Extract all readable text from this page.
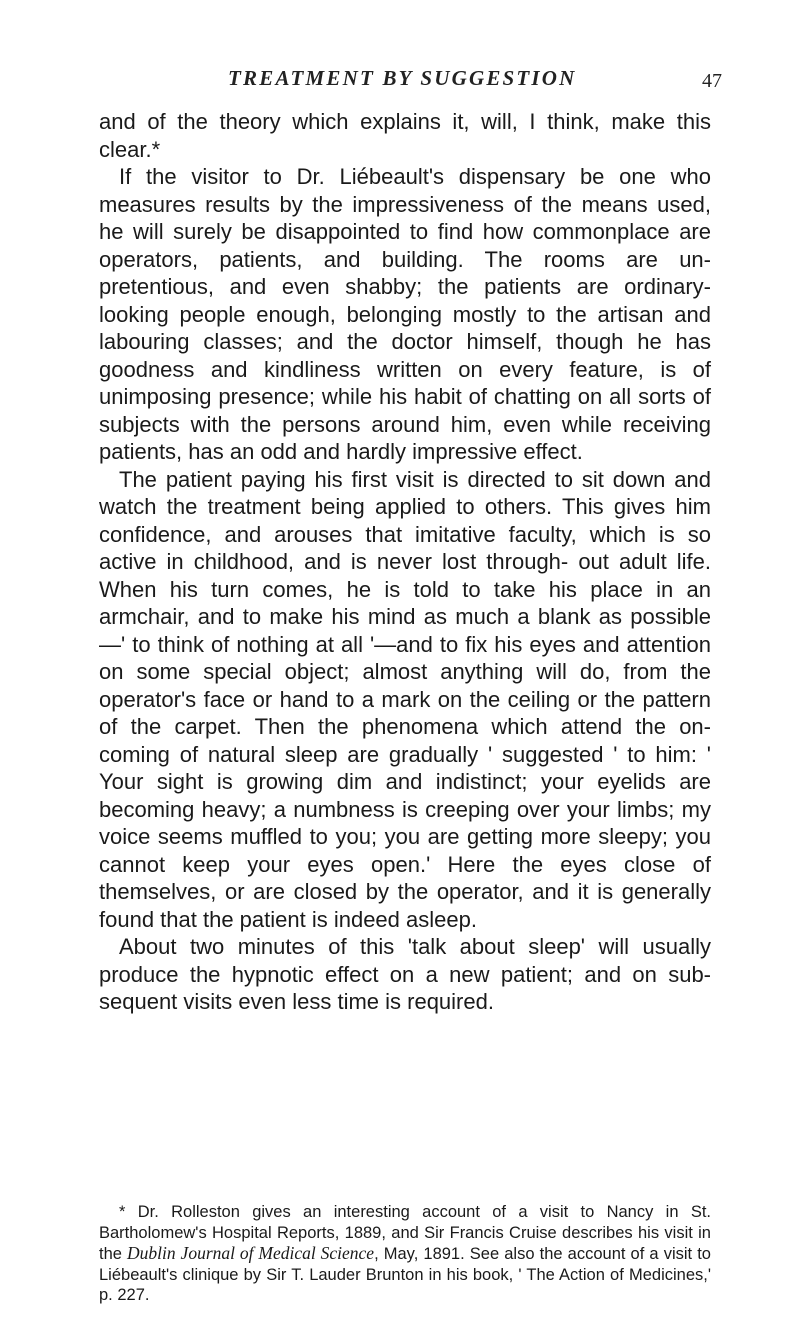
TREATMENT BY SUGGESTION	47

and of the theory which explains it, will, I think, make this clear.*

If the visitor to Dr. Liébeault's dispensary be one who measures results by the impressiveness of the means used, he will surely be disappointed to find how commonplace are operators, patients, and building. The rooms are un- pretentious, and even shabby; the patients are ordinary- looking people enough, belonging mostly to the artisan and labouring classes; and the doctor himself, though he has goodness and kindliness written on every feature, is of unimposing presence; while his habit of chatting on all sorts of subjects with the persons around him, even while receiving patients, has an odd and hardly impressive effect.

The patient paying his first visit is directed to sit down and watch the treatment being applied to others. This gives him confidence, and arouses that imitative faculty, which is so active in childhood, and is never lost through- out adult life. When his turn comes, he is told to take his place in an armchair, and to make his mind as much a blank as possible—' to think of nothing at all '—and to fix his eyes and attention on some special object; almost anything will do, from the operator's face or hand to a mark on the ceiling or the pattern of the carpet. Then the phenomena which attend the on-coming of natural sleep are gradually ' suggested ' to him: ' Your sight is growing dim and indistinct; your eyelids are becoming heavy; a numbness is creeping over your limbs; my voice seems muffled to you; you are getting more sleepy; you cannot keep your eyes open.' Here the eyes close of themselves, or are closed by the operator, and it is generally found that the patient is indeed asleep.

About two minutes of this 'talk about sleep' will usually produce the hypnotic effect on a new patient; and on sub- sequent visits even less time is required.

* Dr. Rolleston gives an interesting account of a visit to Nancy in St. Bartholomew's Hospital Reports, 1889, and Sir Francis Cruise describes his visit in the Dublin Journal of Medical Science, May, 1891. See also the account of a visit to Liébeault's clinique by Sir T. Lauder Brunton in his book, ' The Action of Medicines,' p. 227.
